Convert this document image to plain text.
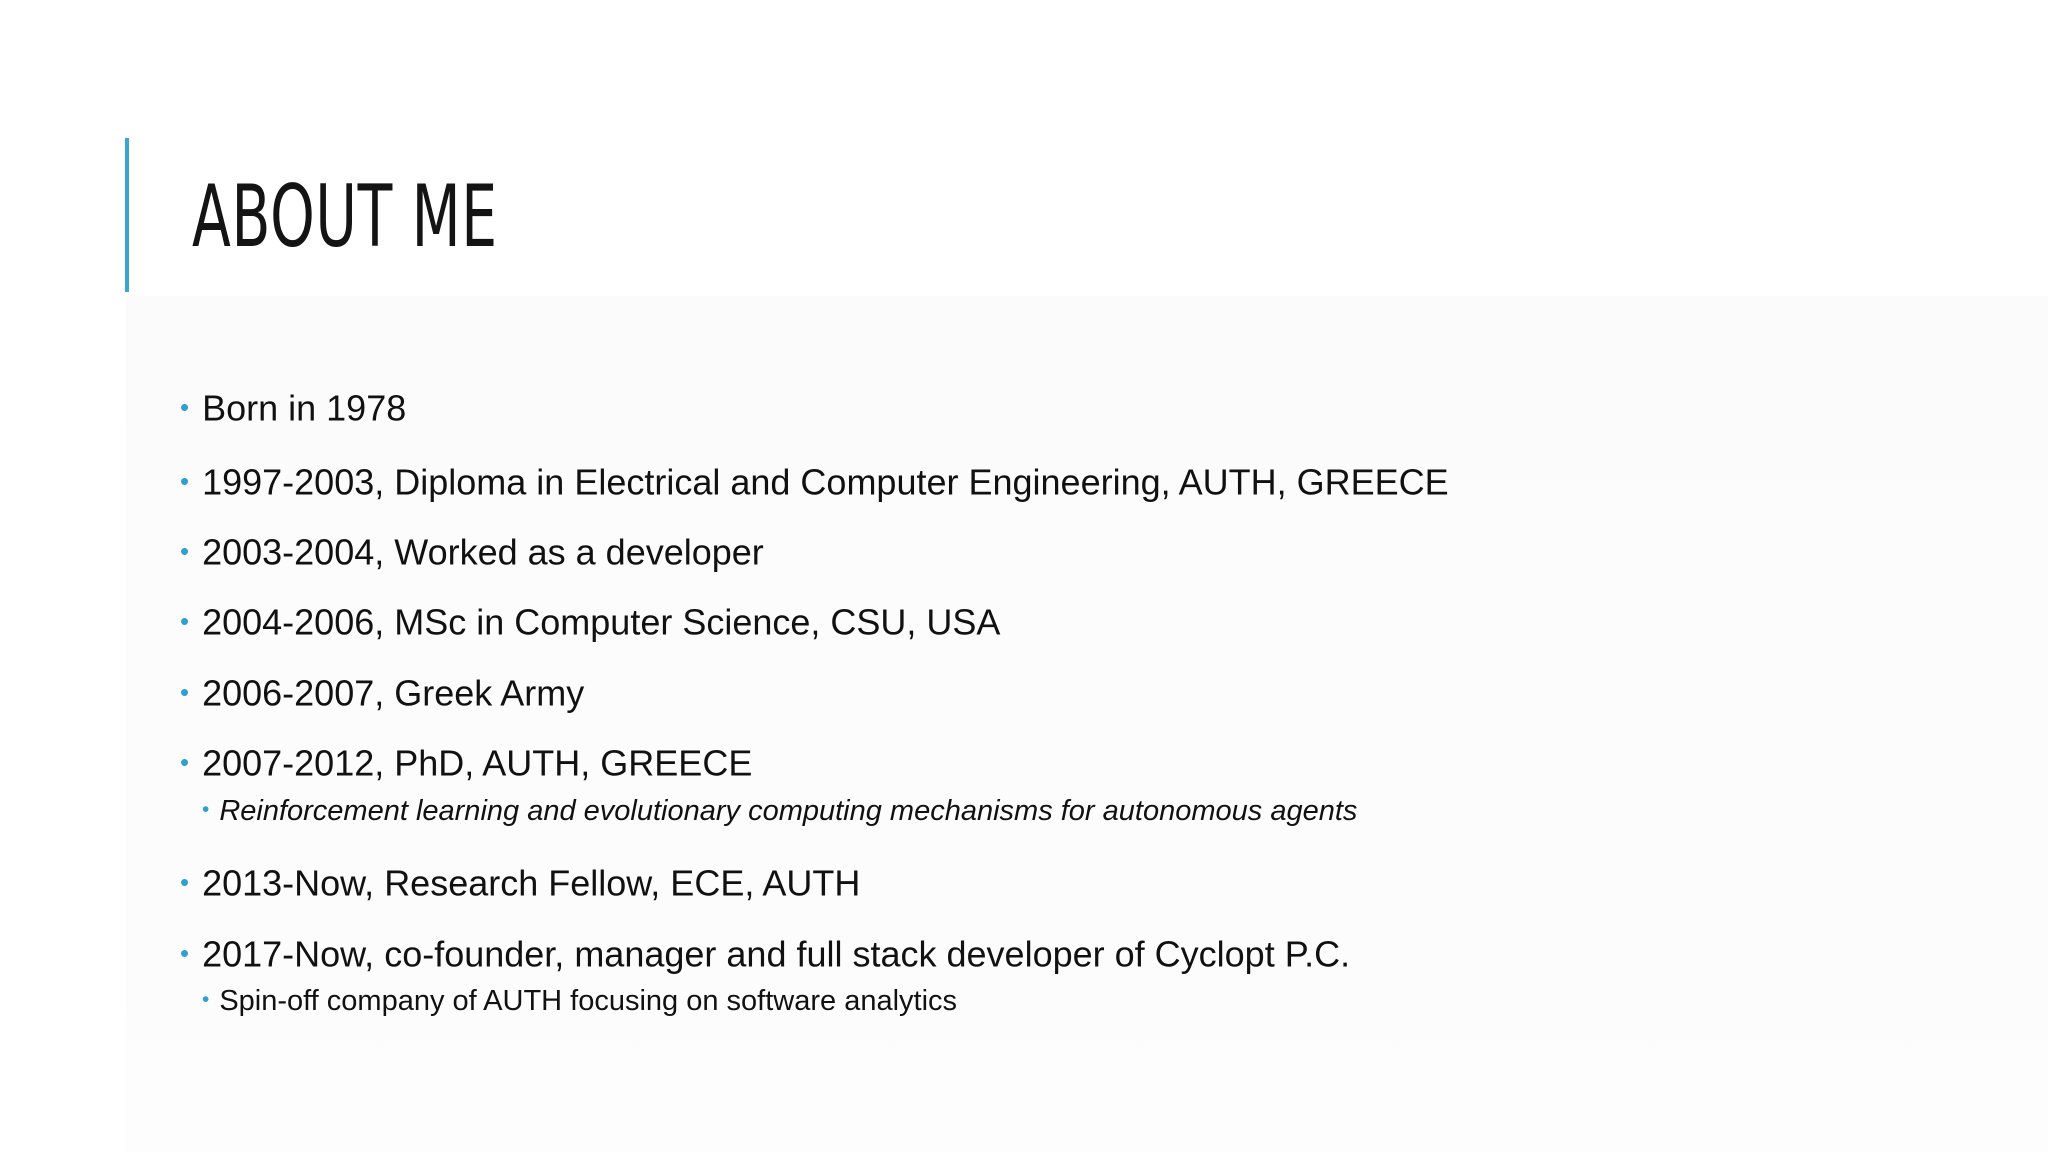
ABOUT ME
• Born in 1978
• 1997-2003, Diploma in Electrical and Computer Engineering, AUTH, GREECE
• 2003-2004, Worked as a developer
• 2004-2006, MSc in Computer Science, CSU, USA
• 2006-2007, Greek Army
• 2007-2012, PhD, AUTH, GREECE
• Reinforcement learning and evolutionary computing mechanisms for autonomous agents
• 2013-Now, Research Fellow, ECE, AUTH
• 2017-Now, co-founder, manager and full stack developer of Cyclopt P.C.
• Spin-off company of AUTH focusing on software analytics
